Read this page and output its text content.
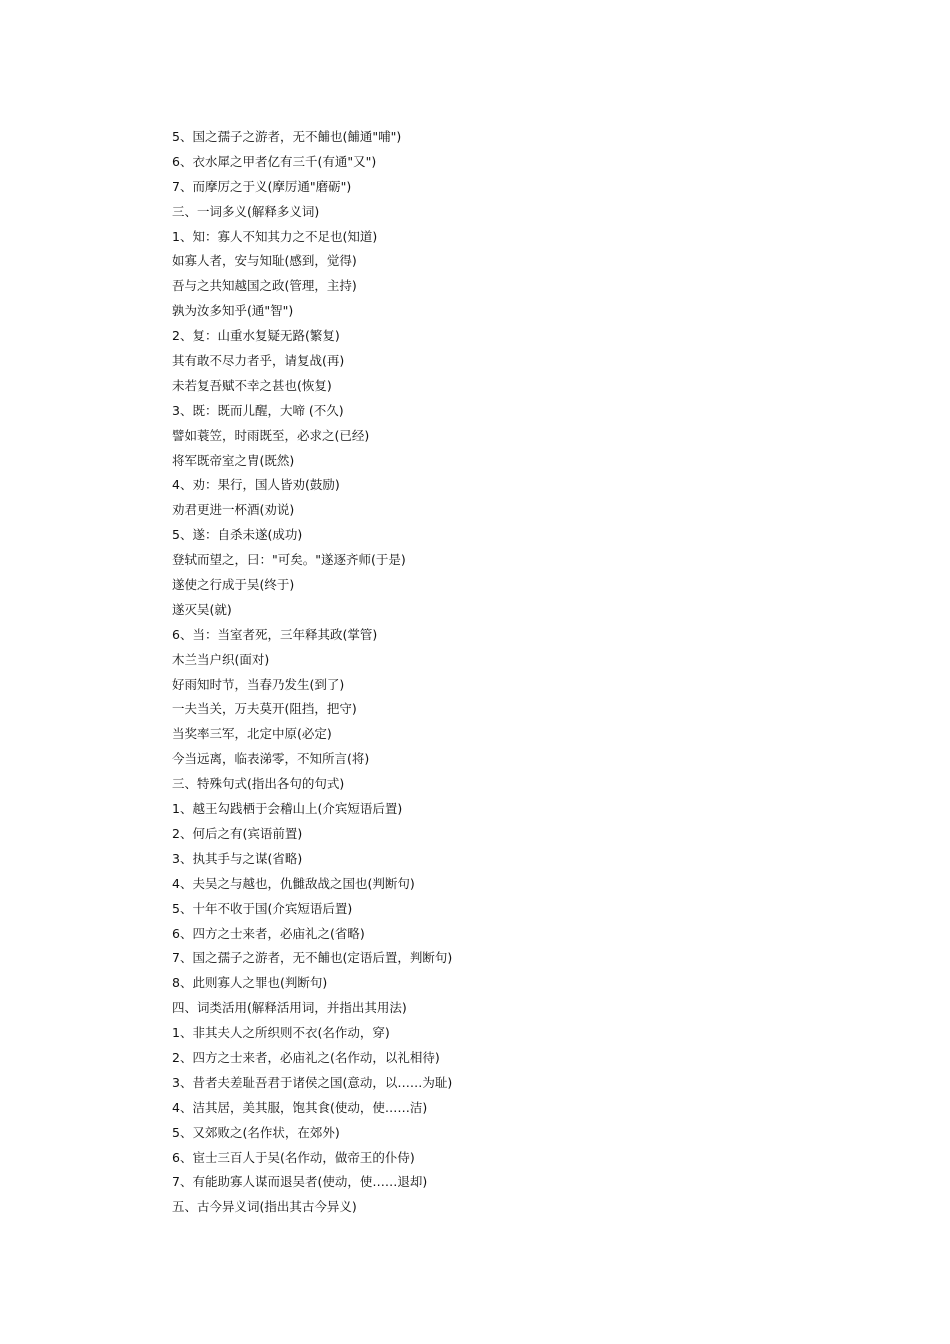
5、国之孺子之游者，无不餔也(餔通"哺")
6、衣水犀之甲者亿有三千(有通"又")
7、而摩厉之于义(摩厉通"磨砺")
三、一词多义(解释多义词)
1、知：寡人不知其力之不足也(知道)
如寡人者，安与知耻(感到，觉得)
吾与之共知越国之政(管理，主持)
孰为汝多知乎(通"智")
2、复：山重水复疑无路(繁复)
其有敢不尽力者乎，请复战(再)
未若复吾赋不幸之甚也(恢复)
3、既：既而儿醒，大啼 (不久)
譬如蓑笠，时雨既至，必求之(已经)
将军既帝室之胄(既然)
4、劝：果行，国人皆劝(鼓励)
劝君更进一杯酒(劝说)
5、遂：自杀未遂(成功)
登轼而望之，曰："可矣。"遂逐齐师(于是)
遂使之行成于吴(终于)
遂灭吴(就)
6、当：当室者死，三年释其政(掌管)
木兰当户织(面对)
好雨知时节，当春乃发生(到了)
一夫当关，万夫莫开(阻挡，把守)
当奖率三军，北定中原(必定)
今当远离，临表涕零，不知所言(将)
三、特殊句式(指出各句的句式)
1、越王勾践栖于会稽山上(介宾短语后置)
2、何后之有(宾语前置)
3、执其手与之谋(省略)
4、夫吴之与越也，仇雠敌战之国也(判断句)
5、十年不收于国(介宾短语后置)
6、四方之士来者，必庙礼之(省略)
7、国之孺子之游者，无不餔也(定语后置，判断句)
8、此则寡人之罪也(判断句)
四、词类活用(解释活用词，并指出其用法)
1、非其夫人之所织则不衣(名作动，穿)
2、四方之士来者，必庙礼之(名作动，以礼相待)
3、昔者夫差耻吾君于诸侯之国(意动，以……为耻)
4、洁其居，美其服，饱其食(使动，使……洁)
5、又郊败之(名作状，在郊外)
6、宦士三百人于吴(名作动，做帝王的仆侍)
7、有能助寡人谋而退吴者(使动，使……退却)
五、古今异义词(指出其古今异义)
